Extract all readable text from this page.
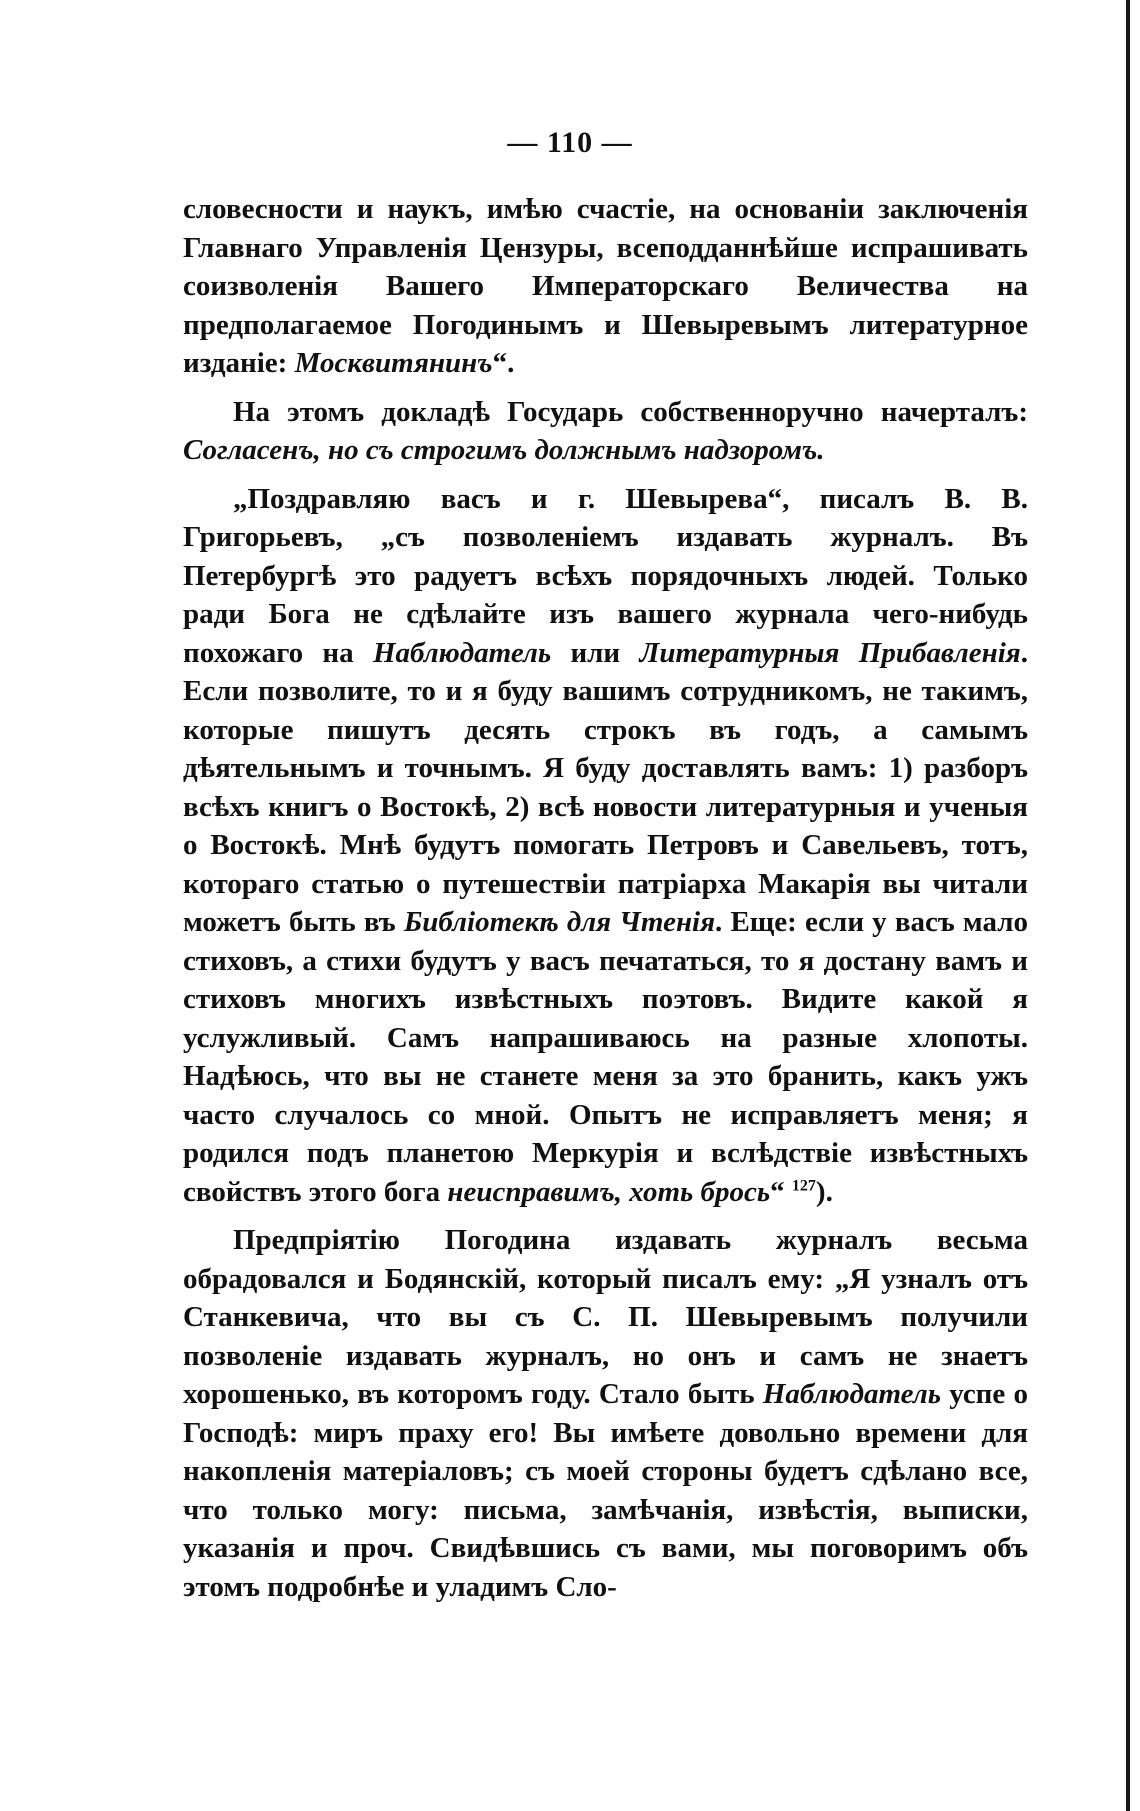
— 110 —

словесности и наукъ, имѣю счастіе, на основаніи заключенія Главнаго Управленія Цензуры, всеподданнѣйше испрашивать соизволенія Вашего Императорскаго Величества на предполагаемое Погодинымъ и Шевыревымъ литературное изданіе: Москвитянинъ“.

На этомъ докладѣ Государь собственноручно начерталъ: Согласенъ, но съ строгимъ должнымъ надзоромъ.

„Поздравляю васъ и г. Шевырева“, писалъ В. В. Григорьевъ, „съ позволеніемъ издавать журналъ. Въ Петербургѣ это радуетъ всѣхъ порядочныхъ людей. Только ради Бога не сдѣлайте изъ вашего журнала чего-нибудь похожаго на Наблюдатель или Литературныя Прибавленія. Если позволите, то и я буду вашимъ сотрудникомъ, не такимъ, которые пишутъ десять строкъ въ годъ, а самымъ дѣятельнымъ и точнымъ. Я буду доставлять вамъ: 1) разборъ всѣхъ книгъ о Востокѣ, 2) всѣ новости литературныя и ученыя о Востокѣ. Мнѣ будутъ помогать Петровъ и Савельевъ, тотъ, котораго статью о путешествіи патріарха Макарія вы читали можетъ быть въ Библіотекѣ для Чтенія. Еще: если у васъ мало стиховъ, а стихи будутъ у васъ печататься, то я достану вамъ и стиховъ многихъ извѣстныхъ поэтовъ. Видите какой я услужливый. Самъ напрашиваюсь на разные хлопоты. Надѣюсь, что вы не станете меня за это бранить, какъ ужъ часто случалось со мной. Опытъ не исправляетъ меня; я родился подъ планетою Меркурія и вслѣдствіе извѣстныхъ свойствъ этого бога неисправимъ, хоть брось“ $^{127}$).

Предпріятію Погодина издавать журналъ весьма обрадовался и Бодянскій, который писалъ ему: „Я узналъ отъ Станкевича, что вы съ С. П. Шевыревымъ получили позволеніе издавать журналъ, но онъ и самъ не знаетъ хорошенько, въ которомъ году. Стало быть Наблюдатель успе о Господѣ: миръ праху его! Вы имѣете довольно времени для накопленія матеріаловъ; съ моей стороны будетъ сдѣлано все, что только могу: письма, замѣчанія, извѣстія, выписки, указанія и проч. Свидѣвшись съ вами, мы поговоримъ объ этомъ подробнѣе и уладимъ Сло-
